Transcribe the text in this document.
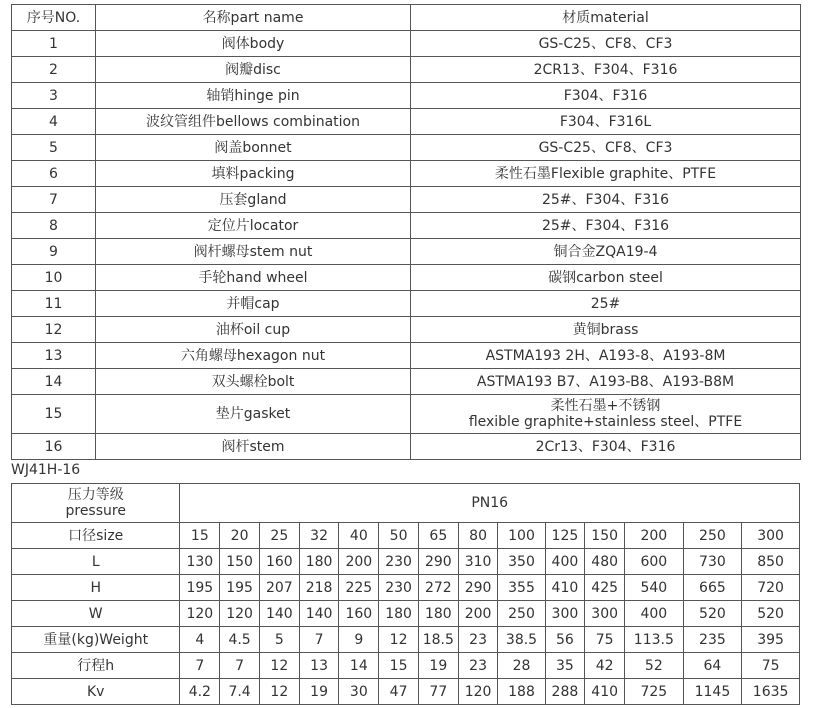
序号NO.	名称part name	材质material
1	阀体body	GS-C25、CF8、CF3
2	阀瓣disc	2CR13、F304、F316
3	轴销hinge pin	F304、F316
4	波纹管组件bellows combination	F304、F316L
5	阀盖bonnet	GS-C25、CF8、CF3
6	填料packing	柔性石墨Flexible graphite、PTFE
7	压套gland	25#、F304、F316
8	定位片locator	25#、F304、F316
9	阀杆螺母stem nut	铜合金ZQA19-4
10	手轮hand wheel	碳钢carbon steel
11	并帽cap	25#
12	油杯oil cup	黄铜brass
13	六角螺母hexagon nut	ASTMA193 2H、A193-8、A193-8M
14	双头螺栓bolt	ASTMA193 B7、A193-B8、A193-B8M
15	垫片gasket	柔性石墨+不锈钢
flexible graphite+stainless steel、PTFE

16	阀杆stem	2Cr13、F304、F316
WJ41H-16
压力等级
pressure	PN16													
口径size	15	20	25	32	40	50	65	80	100	125	150	200	250	300
L	130	150	160	180	200	230	290	310	350	400	480	600	730	850
H	195	195	207	218	225	230	272	290	355	410	425	540	665	720
W	120	120	140	140	160	180	180	200	250	300	300	400	520	520
重量(kg)Weight	4	4.5	5	7	9	12	18.5	23	38.5	56	75	113.5	235	395
行程h	7	7	12	13	14	15	19	23	28	35	42	52	64	75
Kv	4.2	7.4	12	19	30	47	77	120	188	288	410	725	1145	1635
